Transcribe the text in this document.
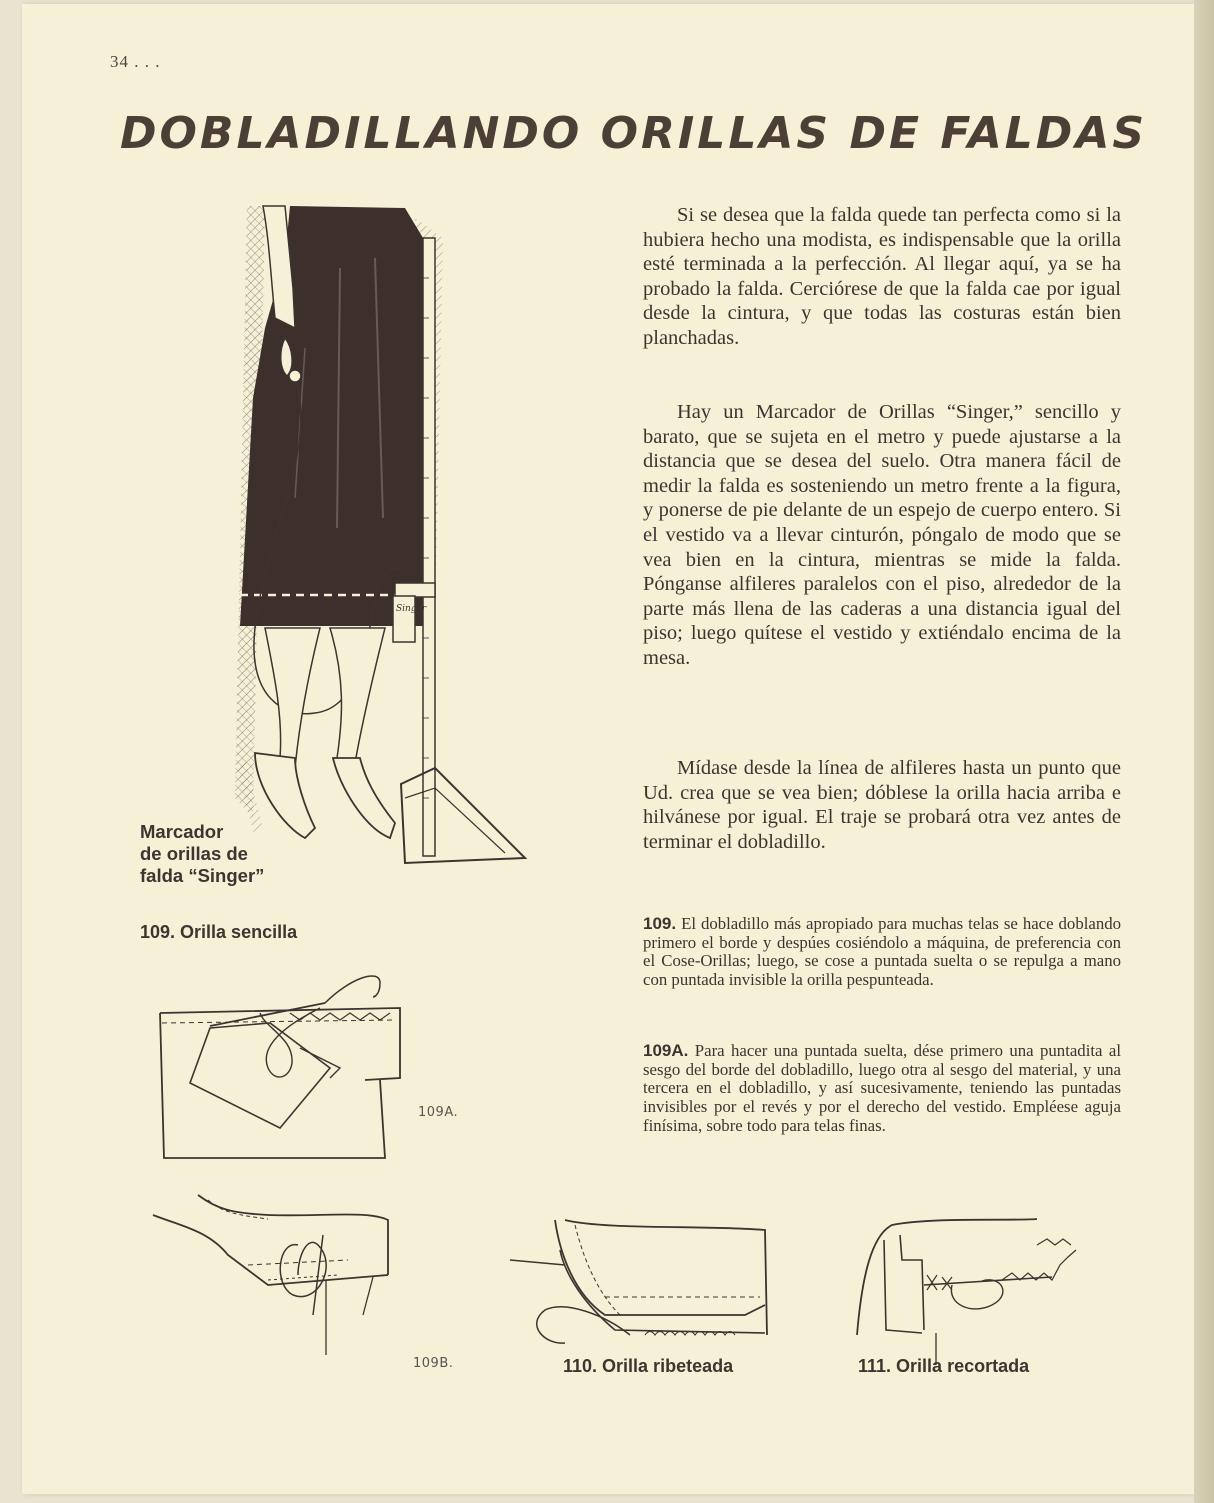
34 . . .
DOBLADILLANDO ORILLAS DE FALDAS
Singer
109A.
109B.
Marcador
de orillas de
falda “Singer”
109. Orilla sencilla
110. Orilla ribeteada	111. Orilla recortada

Si se desea que la falda quede tan perfecta como si la hubiera hecho una modista, es indispensable que la orilla esté terminada a la perfección. Al llegar aquí, ya se ha probado la falda. Cerciórese de que la falda cae por igual desde la cintura, y que todas las costuras están bien planchadas.

Hay un Marcador de Orillas “Singer,” sencillo y barato, que se sujeta en el metro y puede ajustarse a la distancia que se desea del suelo. Otra manera fácil de medir la falda es sosteniendo un metro frente a la figura, y ponerse de pie delante de un espejo de cuerpo entero. Si el vestido va a llevar cinturón, póngalo de modo que se vea bien en la cintura, mientras se mide la falda. Pónganse alfileres paralelos con el piso, alrededor de la parte más llena de las caderas a una distancia igual del piso; luego quítese el vestido y extiéndalo encima de la mesa.

Mídase desde la línea de alfileres hasta un punto que Ud. crea que se vea bien; dóblese la orilla hacia arriba e hilvánese por igual. El traje se probará otra vez antes de terminar el dobladillo.

109. El dobladillo más apropiado para muchas telas se hace doblando primero el borde y despúes cosiéndolo a máquina, de preferencia con el Cose-Orillas; luego, se cose a puntada suelta o se repulga a mano con puntada invisible la orilla pespunteada.
109A. Para hacer una puntada suelta, dése primero una puntadita al sesgo del borde del dobladillo, luego otra al sesgo del material, y una tercera en el dobladillo, y así sucesivamente, teniendo las puntadas invisibles por el revés y por el derecho del vestido. Empléese aguja finísima, sobre todo para telas finas.
